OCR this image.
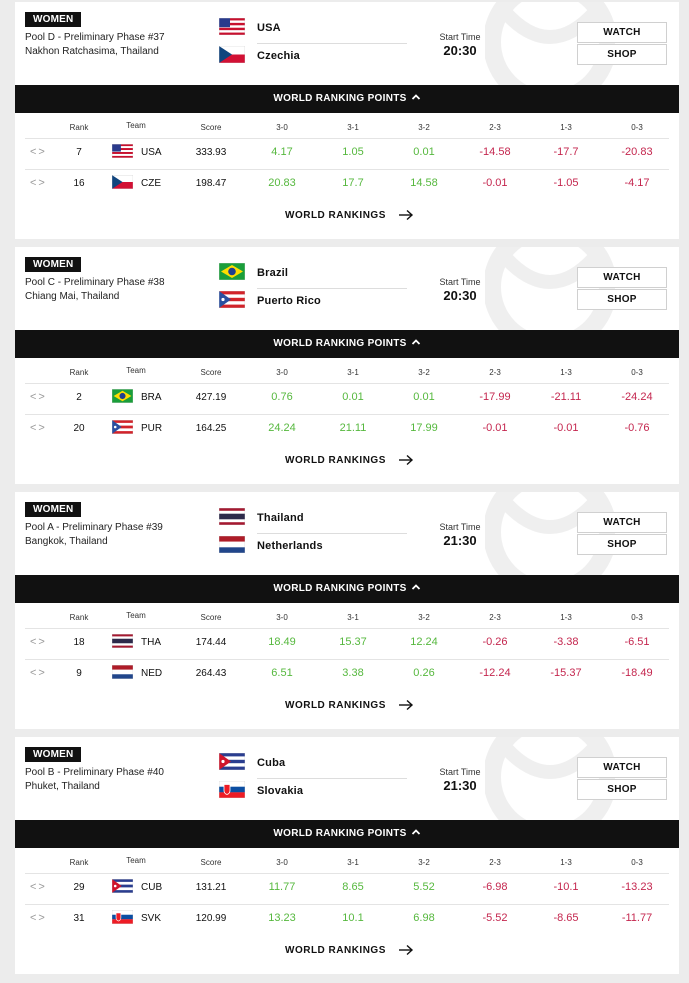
WOMEN
Pool D - Preliminary Phase #37
Nakhon Ratchasima, Thailand
USA
Czechia
Start Time
20:30
WATCH
SHOP
WORLD RANKING POINTS
Rank	Team	Score	3-0	3-1	3-2	2-3	1-3	0-3
<>	7	USA	333.93	4.17	1.05	0.01	-14.58	-17.7	-20.83
<>	16	CZE	198.47	20.83	17.7	14.58	-0.01	-1.05	-4.17
WORLD RANKINGS
WOMEN
Pool C - Preliminary Phase #38
Chiang Mai, Thailand
Brazil
Puerto Rico
Start Time
20:30
WATCH
SHOP
WORLD RANKING POINTS
Rank	Team	Score	3-0	3-1	3-2	2-3	1-3	0-3
<>	2	BRA	427.19	0.76	0.01	0.01	-17.99	-21.11	-24.24
<>	20	PUR	164.25	24.24	21.11	17.99	-0.01	-0.01	-0.76
WORLD RANKINGS
WOMEN
Pool A - Preliminary Phase #39
Bangkok, Thailand
Thailand
Netherlands
Start Time
21:30
WATCH
SHOP
WORLD RANKING POINTS
Rank	Team	Score	3-0	3-1	3-2	2-3	1-3	0-3
<>	18	THA	174.44	18.49	15.37	12.24	-0.26	-3.38	-6.51
<>	9	NED	264.43	6.51	3.38	0.26	-12.24	-15.37	-18.49
WORLD RANKINGS
WOMEN
Pool B - Preliminary Phase #40
Phuket, Thailand
Cuba
Slovakia
Start Time
21:30
WATCH
SHOP
WORLD RANKING POINTS
Rank	Team	Score	3-0	3-1	3-2	2-3	1-3	0-3
<>	29	CUB	131.21	11.77	8.65	5.52	-6.98	-10.1	-13.23
<>	31	SVK	120.99	13.23	10.1	6.98	-5.52	-8.65	-11.77
WORLD RANKINGS
